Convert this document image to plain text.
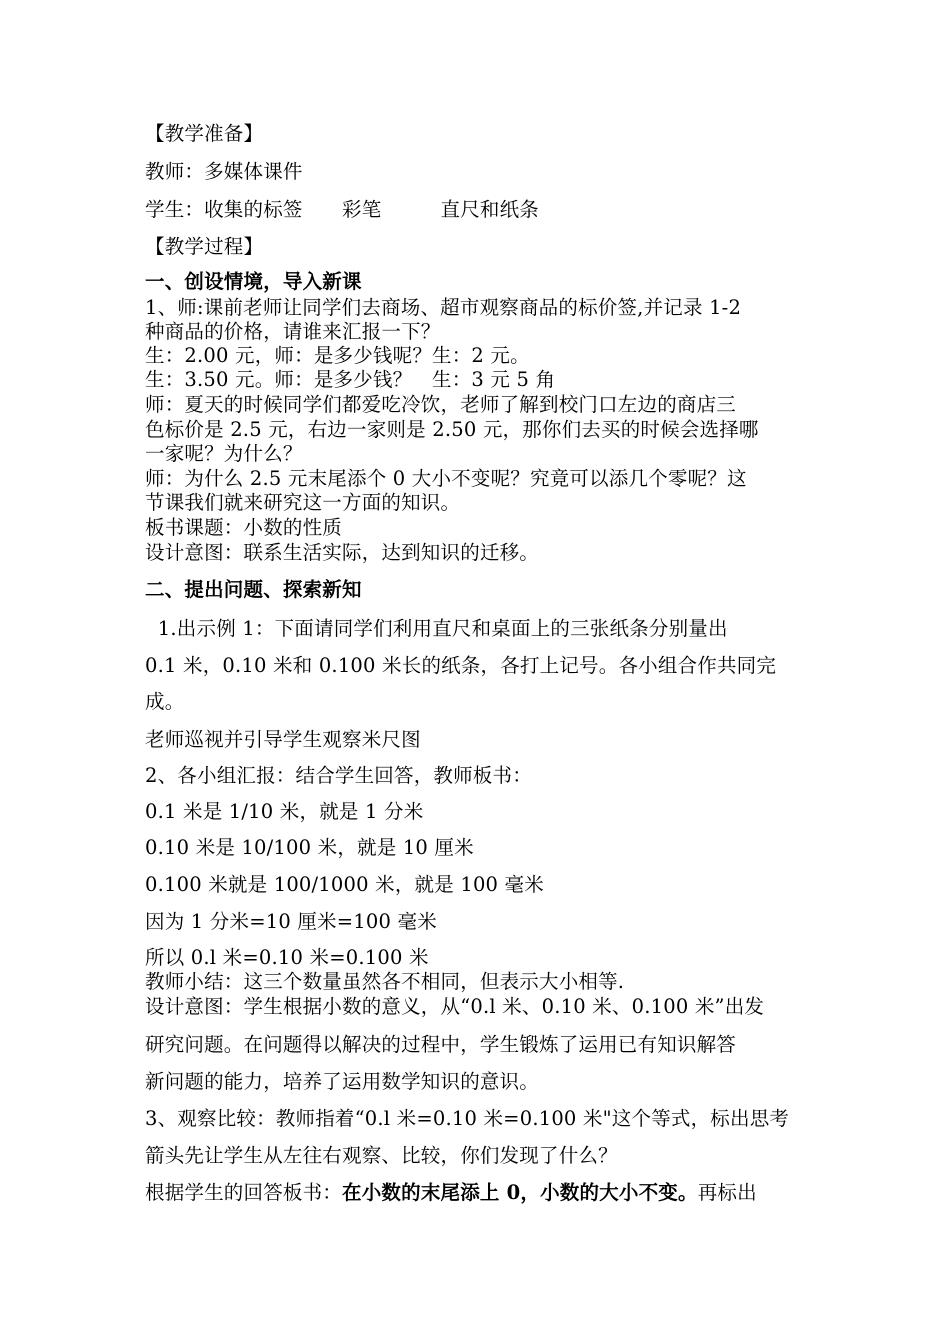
【教学准备】
教师：多媒体课件
学生：收集的标签　　彩笔　　　直尺和纸条
【教学过程】
一、创设情境，导入新课
1、师:课前老师让同学们去商场、超市观察商品的标价签,并记录 1-2
种商品的价格，请谁来汇报一下？
生：2.00 元，师：是多少钱呢？生：2 元。
生：3.50 元。师：是多少钱？　生：3 元 5 角
师：夏天的时候同学们都爱吃冷饮，老师了解到校门口左边的商店三
色标价是 2.5 元，右边一家则是 2.50 元，那你们去买的时候会选择哪
一家呢？为什么？
师：为什么 2.5 元末尾添个 0 大小不变呢？究竟可以添几个零呢？这
节课我们就来研究这一方面的知识。
板书课题：小数的性质
设计意图：联系生活实际，达到知识的迁移。
二、提出问题、探索新知
1.出示例 1：下面请同学们利用直尺和桌面上的三张纸条分别量出
0.1 米，0.10 米和 0.100 米长的纸条，各打上记号。各小组合作共同完
成。
老师巡视并引导学生观察米尺图
2、各小组汇报：结合学生回答，教师板书：
0.1 米是 1/10 米，就是 1 分米
0.10 米是 10/100 米，就是 10 厘米
0.100 米就是 100/1000 米，就是 100 毫米
因为 1 分米=10 厘米=100 毫米
所以 0.l 米=0.10 米=0.100 米
教师小结：这三个数量虽然各不相同，但表示大小相等.
设计意图：学生根据小数的意义，从“0.l 米、0.10 米、0.100 米”出发
研究问题。在问题得以解决的过程中，学生锻炼了运用已有知识解答
新问题的能力，培养了运用数学知识的意识。
3、观察比较：教师指着“0.l 米=0.10 米=0.100 米"这个等式，标出思考
箭头先让学生从左往右观察、比较，你们发现了什么？
根据学生的回答板书：在小数的末尾添上 0，小数的大小不变。再标出
